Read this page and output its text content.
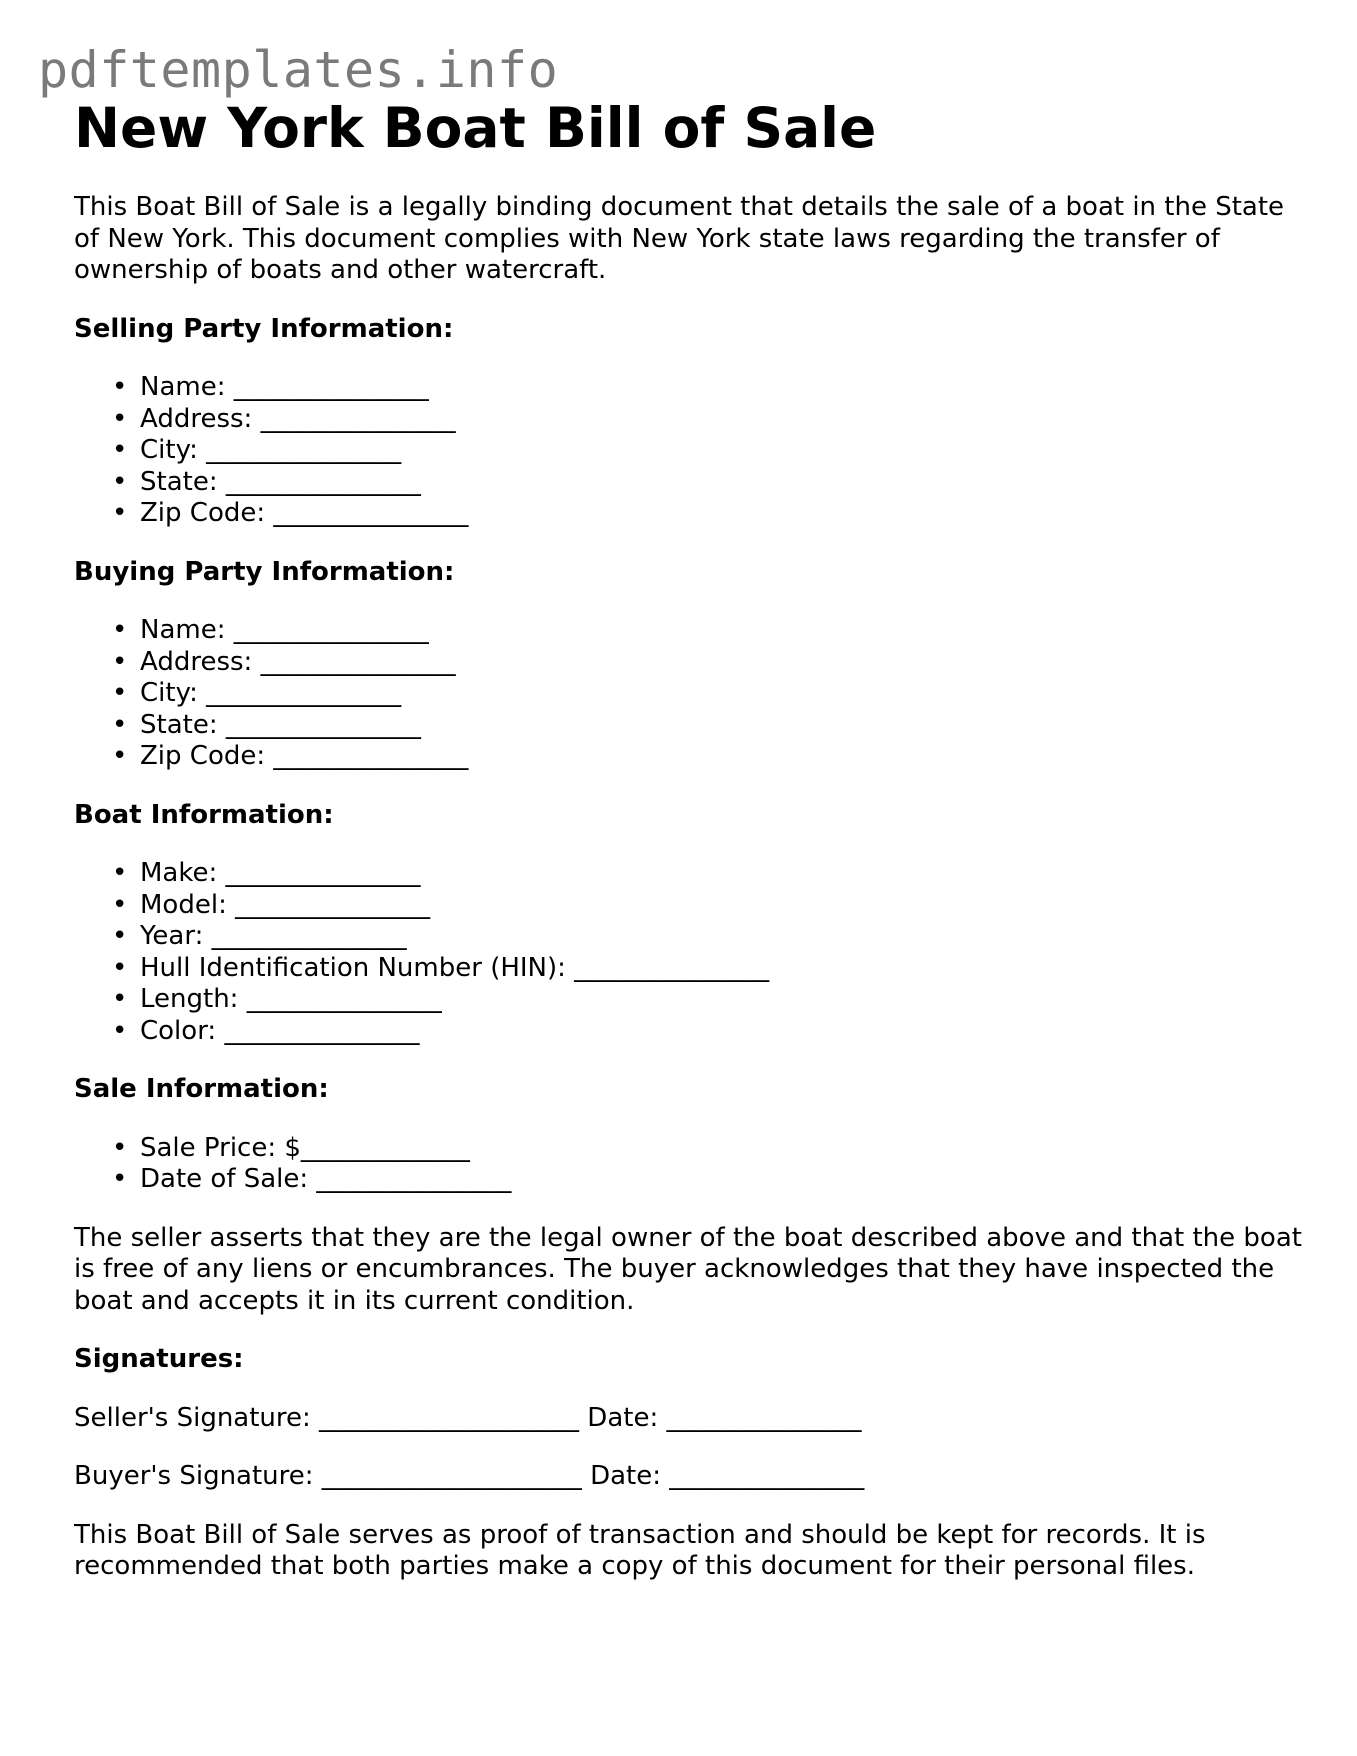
pdftemplates.info
New York Boat Bill of Sale

This Boat Bill of Sale is a legally binding document that details the sale of a boat in the State of New York. This document complies with New York state laws regarding the transfer of ownership of boats and other watercraft.

Selling Party Information:
• Name: _______________
• Address: _______________
• City: _______________
• State: _______________
• Zip Code: _______________
Buying Party Information:
• Name: _______________
• Address: _______________
• City: _______________
• State: _______________
• Zip Code: _______________
Boat Information:
• Make: _______________
• Model: _______________
• Year: _______________
• Hull Identification Number (HIN): _______________
• Length: _______________
• Color: _______________
Sale Information:
• Sale Price: $_____________
• Date of Sale: _______________

The seller asserts that they are the legal owner of the boat described above and that the boat is free of any liens or encumbrances. The buyer acknowledges that they have inspected the boat and accepts it in its current condition.

Signatures:

Seller's Signature: ____________________ Date: _______________

Buyer's Signature: ____________________ Date: _______________

This Boat Bill of Sale serves as proof of transaction and should be kept for records. It is recommended that both parties make a copy of this document for their personal files.
